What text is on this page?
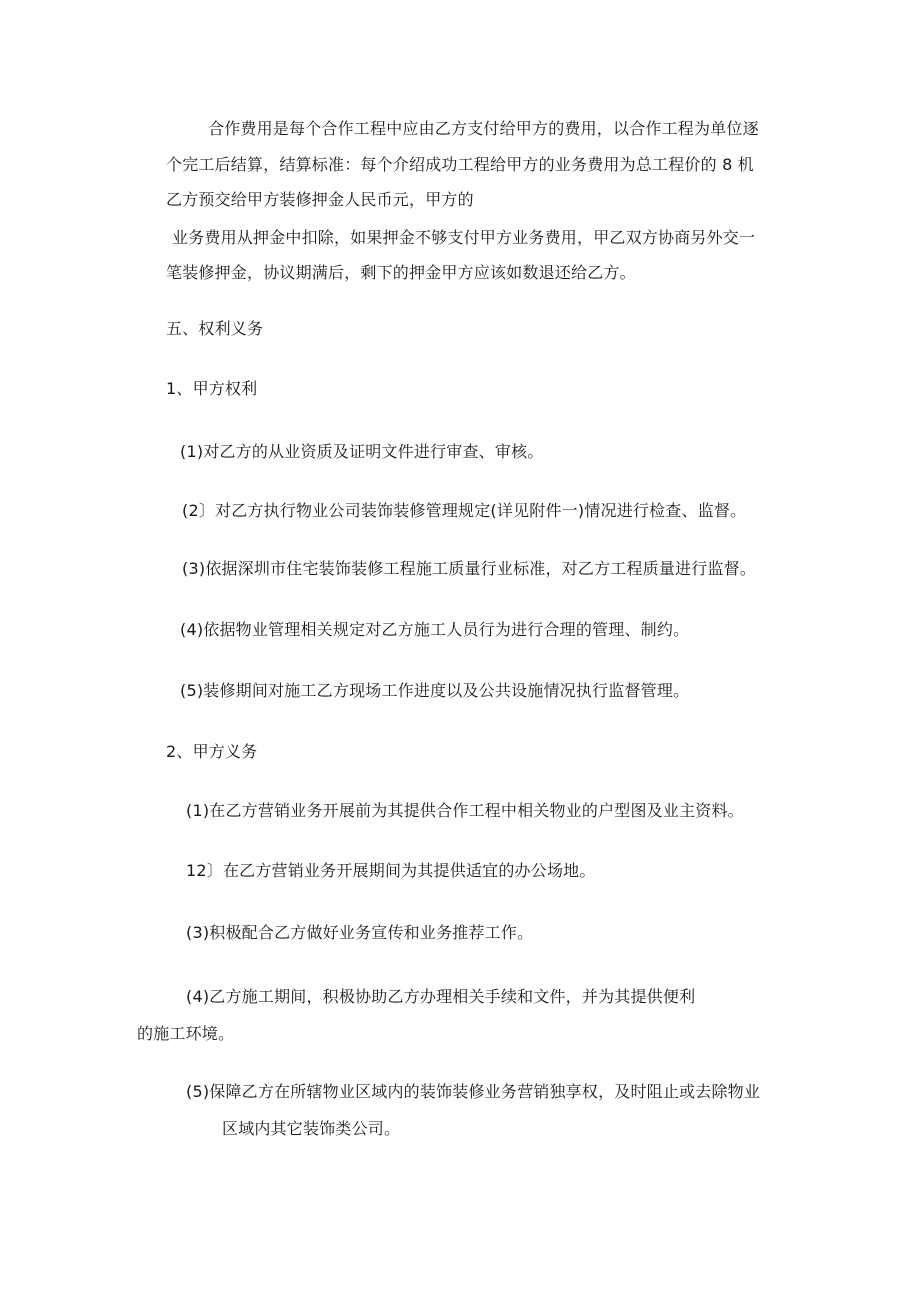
合作费用是每个合作工程中应由乙方支付给甲方的费用，以合作工程为单位逐
个完工后结算，结算标准：每个介绍成功工程给甲方的业务费用为总工程价的 8 机
乙方预交给甲方装修押金人民币元，甲方的
业务费用从押金中扣除，如果押金不够支付甲方业务费用，甲乙双方协商另外交一
笔装修押金，协议期满后，剩下的押金甲方应该如数退还给乙方。
五、权利义务
1、甲方权利
(1)对乙方的从业资质及证明文件进行审查、审核。
(2〕对乙方执行物业公司装饰装修管理规定(详见附件一)情况进行检查、监督。
(3)依据深圳市住宅装饰装修工程施工质量行业标准，对乙方工程质量进行监督。
(4)依据物业管理相关规定对乙方施工人员行为进行合理的管理、制约。
(5)装修期间对施工乙方现场工作进度以及公共设施情况执行监督管理。
2、甲方义务
(1)在乙方营销业务开展前为其提供合作工程中相关物业的户型图及业主资料。
12〕在乙方营销业务开展期间为其提供适宜的办公场地。
(3)积极配合乙方做好业务宣传和业务推荐工作。
(4)乙方施工期间，积极协助乙方办理相关手续和文件，并为其提供便利
的施工环境。
(5)保障乙方在所辖物业区域内的装饰装修业务营销独享权，及时阻止或去除物业
区域内其它装饰类公司。
